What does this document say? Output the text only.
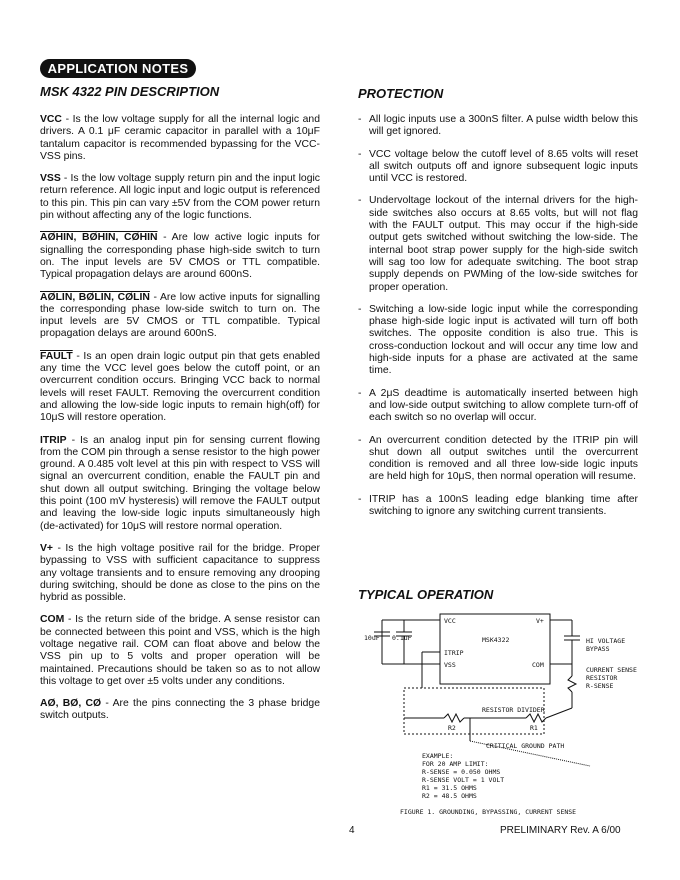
APPLICATION NOTES
MSK 4322 PIN DESCRIPTION	PROTECTION

VCC - Is the low voltage supply for all the internal logic and drivers. A 0.1 μF ceramic capacitor in parallel with a 10μF tantalum capacitor is recommended bypassing for the VCC-VSS pins.

VSS - Is the low voltage supply return pin and the input logic return reference. All logic input and logic output is referenced to this pin. This pin can vary ±5V from the COM power return pin without affecting any of the logic functions.

AØHIN, BØHIN, CØHIN - Are low active logic inputs for signalling the corresponding phase high-side switch to turn on. The input levels are 5V CMOS or TTL compatible. Typical propagation delays are around 600nS.

AØLIN, BØLIN, CØLIN - Are low active inputs for signalling the corresponding phase low-side switch to turn on. The input levels are 5V CMOS or TTL compatible. Typical propagation delays are around 600nS.

FAULT - Is an open drain logic output pin that gets enabled any time the VCC level goes below the cutoff point, or an overcurrent condition occurs. Bringing VCC back to normal levels will reset FAULT. Removing the overcurrent condition and allowing the low-side logic inputs to remain high(off) for 10μS will restore operation.

ITRIP - Is an analog input pin for sensing current flowing from the COM pin through a sense resistor to the high power ground. A 0.485 volt level at this pin with respect to VSS will signal an overcurrent condition, enable the FAULT pin and shut down all output switching. Bringing the voltage below this point (100 mV hysteresis) will remove the FAULT output and leaving the low-side logic inputs simultaneously high (de-activated) for 10μS will restore normal operation.

V+ - Is the high voltage positive rail for the bridge. Proper bypassing to VSS with sufficient capacitance to suppress any voltage transients and to ensure removing any drooping during switching, should be done as close to the pins on the hybrid as possible.

COM - Is the return side of the bridge. A sense resistor can be connected between this point and VSS, which is the high voltage negative rail. COM can float above and below the VSS pin up to 5 volts and proper operation will be maintained. Precautions should be taken so as to not allow this voltage to get over ±5 volts under any conditions.

AØ, BØ, CØ - Are the pins connecting the 3 phase bridge switch outputs.

- All logic inputs use a 300nS filter. A pulse width below this will get ignored.
- VCC voltage below the cutoff level of 8.65 volts will reset all switch outputs off and ignore subsequent logic inputs until VCC is restored.
- Undervoltage lockout of the internal drivers for the high-side switches also occurs at 8.65 volts, but will not flag with the FAULT output. This may occur if the high-side output gets switched without switching the low-side. The internal boot strap power supply for the high-side switch will sag too low for adequate switching. The boot strap supply depends on PWMing of the low-side switches for proper operation.
- Switching a low-side logic input while the corresponding phase high-side logic input is activated will turn off both switches. The opposite condition is also true. This is cross-conduction lockout and will occur any time low and high-side inputs for a phase are activated at the same time.
- A 2μS deadtime is automatically inserted between high and low-side output switching to allow complete turn-off of each switch so no overlap will occur.
- An overcurrent condition detected by the ITRIP pin will shut down all output switches until the overcurrent condition is removed and all three low-side logic inputs are held high for 10μS, then normal operation will resume.
- ITRIP has a 100nS leading edge blanking time after switching to ignore any switching current transients.
TYPICAL OPERATION
VCC	V+
MSK4322
ITRIP
VSS	COM
10uF 0.1uF	HI VOLTAGE
BYPASS
CURRENT SENSE
RESISTOR
R-SENSE
RESISTOR DIVIDER
R2	R1
CRITICAL GROUND PATH
EXAMPLE:
FOR 20 AMP LIMIT:
R-SENSE = 0.050 OHMS
R-SENSE VOLT = 1 VOLT
R1 = 31.5 OHMS
R2 = 48.5 OHMS
FIGURE 1. GROUNDING, BYPASSING, CURRENT SENSE
4	PRELIMINARY Rev. A 6/00
